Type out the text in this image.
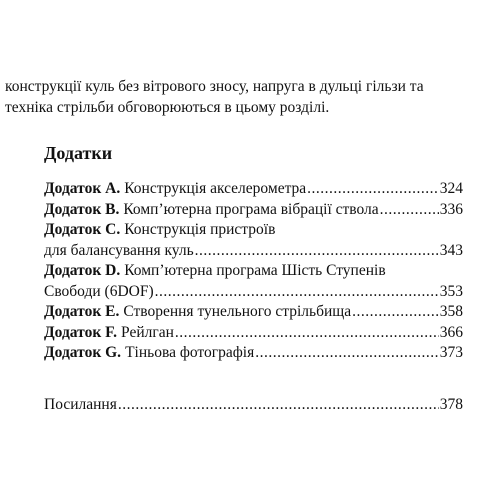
конструкції куль без вітрового зносу, напруга в дульці гільзи та
техніка стрільби обговорюються в цьому розділі.
Додатки
Додаток A. Конструкція акселерометра .....	324
Додаток B. Комп’ютерна програма вібрації ствола .....	336
Додаток C. Конструкція пристроїв
для балансування куль .....	343
Додаток D. Комп’ютерна програма Шість Ступенів
Свободи (6DOF) .....	353
Додаток E. Створення тунельного стрільбища .....	358
Додаток F. Рейлган .....	366
Додаток G. Тіньова фотографія .....	373
Посилання .....	378
